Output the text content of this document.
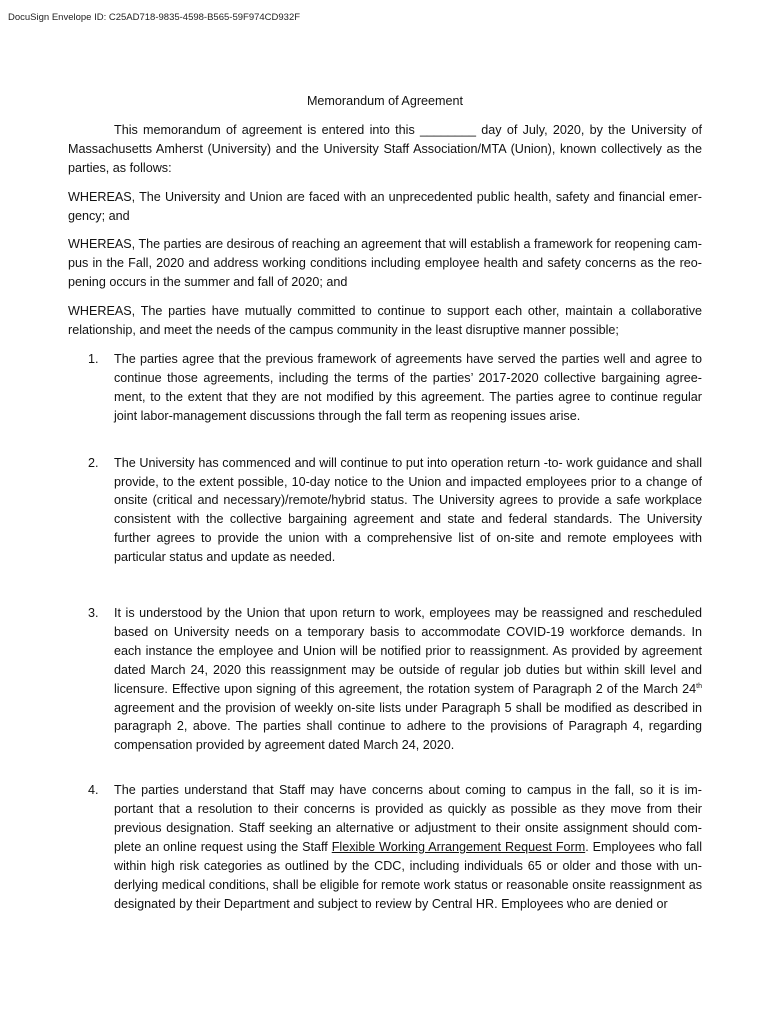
DocuSign Envelope ID: C25AD718-9835-4598-B565-59F974CD932F

Memorandum of Agreement

This memorandum of agreement is entered into this ________ day of July, 2020, by the University of Massachusetts Amherst (University) and the University Staff Association/MTA (Union), known collectively as the parties, as follows:

WHEREAS, The University and Union are faced with an unprecedented public health, safety and financial emergency; and

WHEREAS, The parties are desirous of reaching an agreement that will establish a framework for reopening campus in the Fall, 2020 and address working conditions including employee health and safety concerns as the reopening occurs in the summer and fall of 2020; and

WHEREAS, The parties have mutually committed to continue to support each other, maintain a collaborative relationship, and meet the needs of the campus community in the least disruptive manner possible;

1. The parties agree that the previous framework of agreements have served the parties well and agree to continue those agreements, including the terms of the parties’ 2017-2020 collective bargaining agreement, to the extent that they are not modified by this agreement. The parties agree to continue regular joint labor-management discussions through the fall term as reopening issues arise.
2. The University has commenced and will continue to put into operation return -to- work guidance and shall provide, to the extent possible, 10-day notice to the Union and impacted employees prior to a change of onsite (critical and necessary)/remote/hybrid status. The University agrees to provide a safe workplace consistent with the collective bargaining agreement and state and federal standards. The University further agrees to provide the union with a comprehensive list of on-site and remote employees with particular status and update as needed.
3. It is understood by the Union that upon return to work, employees may be reassigned and rescheduled based on University needs on a temporary basis to accommodate COVID-19 workforce demands. In each instance the employee and Union will be notified prior to reassignment. As provided by agreement dated March 24, 2020 this reassignment may be outside of regular job duties but within skill level and licensure. Effective upon signing of this agreement, the rotation system of Paragraph 2 of the March 24th agreement and the provision of weekly on-site lists under Paragraph 5 shall be modified as described in paragraph 2, above. The parties shall continue to adhere to the provisions of Paragraph 4, regarding compensation provided by agreement dated March 24, 2020.
4. The parties understand that Staff may have concerns about coming to campus in the fall, so it is important that a resolution to their concerns is provided as quickly as possible as they move from their previous designation. Staff seeking an alternative or adjustment to their onsite assignment should complete an online request using the Staff Flexible Working Arrangement Request Form. Employees who fall within high risk categories as outlined by the CDC, including individuals 65 or older and those with underlying medical conditions, shall be eligible for remote work status or reasonable onsite reassignment as designated by their Department and subject to review by Central HR. Employees who are denied or
